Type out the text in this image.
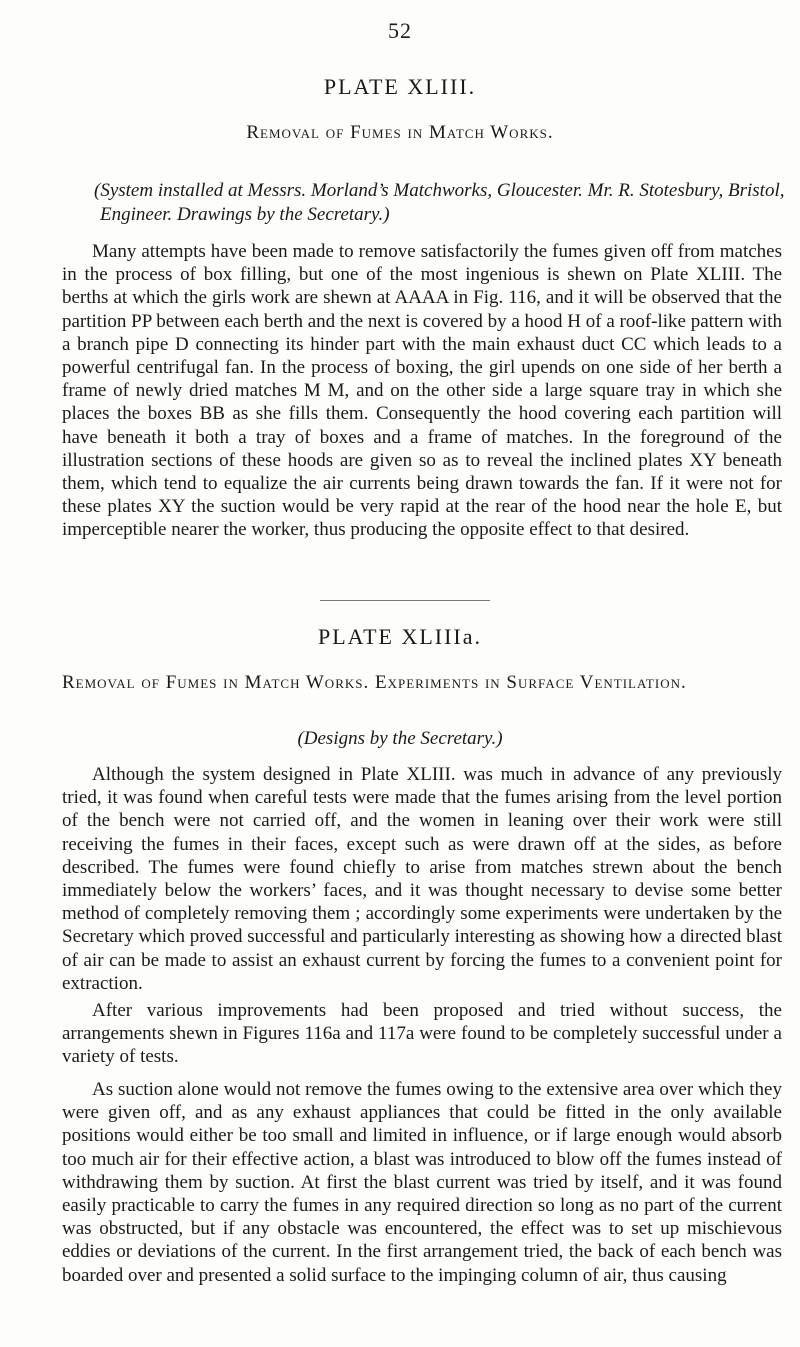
52
PLATE XLIII.
Removal of Fumes in Match Works.
(System installed at Messrs. Morland’s Matchworks, Gloucester. Mr. R. Stotesbury, Bristol, Engineer. Drawings by the Secretary.)

Many attempts have been made to remove satisfactorily the fumes given off from matches in the process of box filling, but one of the most ingenious is shewn on Plate XLIII. The berths at which the girls work are shewn at AAAA in Fig. 116, and it will be observed that the partition PP between each berth and the next is covered by a hood H of a roof-like pattern with a branch pipe D connecting its hinder part with the main exhaust duct CC which leads to a powerful centrifugal fan. In the process of boxing, the girl upends on one side of her berth a frame of newly dried matches M M, and on the other side a large square tray in which she places the boxes BB as she fills them. Consequently the hood covering each partition will have beneath it both a tray of boxes and a frame of matches. In the foreground of the illustration sections of these hoods are given so as to reveal the inclined plates XY beneath them, which tend to equalize the air currents being drawn towards the fan. If it were not for these plates XY the suction would be very rapid at the rear of the hood near the hole E, but imperceptible nearer the worker, thus producing the opposite effect to that desired.

PLATE XLIIIa.
Removal of Fumes in Match Works. Experiments in Surface Ventilation.
(Designs by the Secretary.)

Although the system designed in Plate XLIII. was much in advance of any previously tried, it was found when careful tests were made that the fumes arising from the level portion of the bench were not carried off, and the women in leaning over their work were still receiving the fumes in their faces, except such as were drawn off at the sides, as before described. The fumes were found chiefly to arise from matches strewn about the bench immediately below the workers’ faces, and it was thought necessary to devise some better method of completely removing them ; accordingly some experiments were undertaken by the Secretary which proved successful and particularly interesting as showing how a directed blast of air can be made to assist an exhaust current by forcing the fumes to a convenient point for extraction.

After various improvements had been proposed and tried without success, the arrangements shewn in Figures 116a and 117a were found to be completely successful under a variety of tests.

As suction alone would not remove the fumes owing to the extensive area over which they were given off, and as any exhaust appliances that could be fitted in the only available positions would either be too small and limited in influence, or if large enough would absorb too much air for their effective action, a blast was introduced to blow off the fumes instead of withdrawing them by suction. At first the blast current was tried by itself, and it was found easily practicable to carry the fumes in any required direction so long as no part of the current was obstructed, but if any obstacle was encountered, the effect was to set up mischievous eddies or deviations of the current. In the first arrangement tried, the back of each bench was boarded over and presented a solid surface to the impinging column of air, thus causing
